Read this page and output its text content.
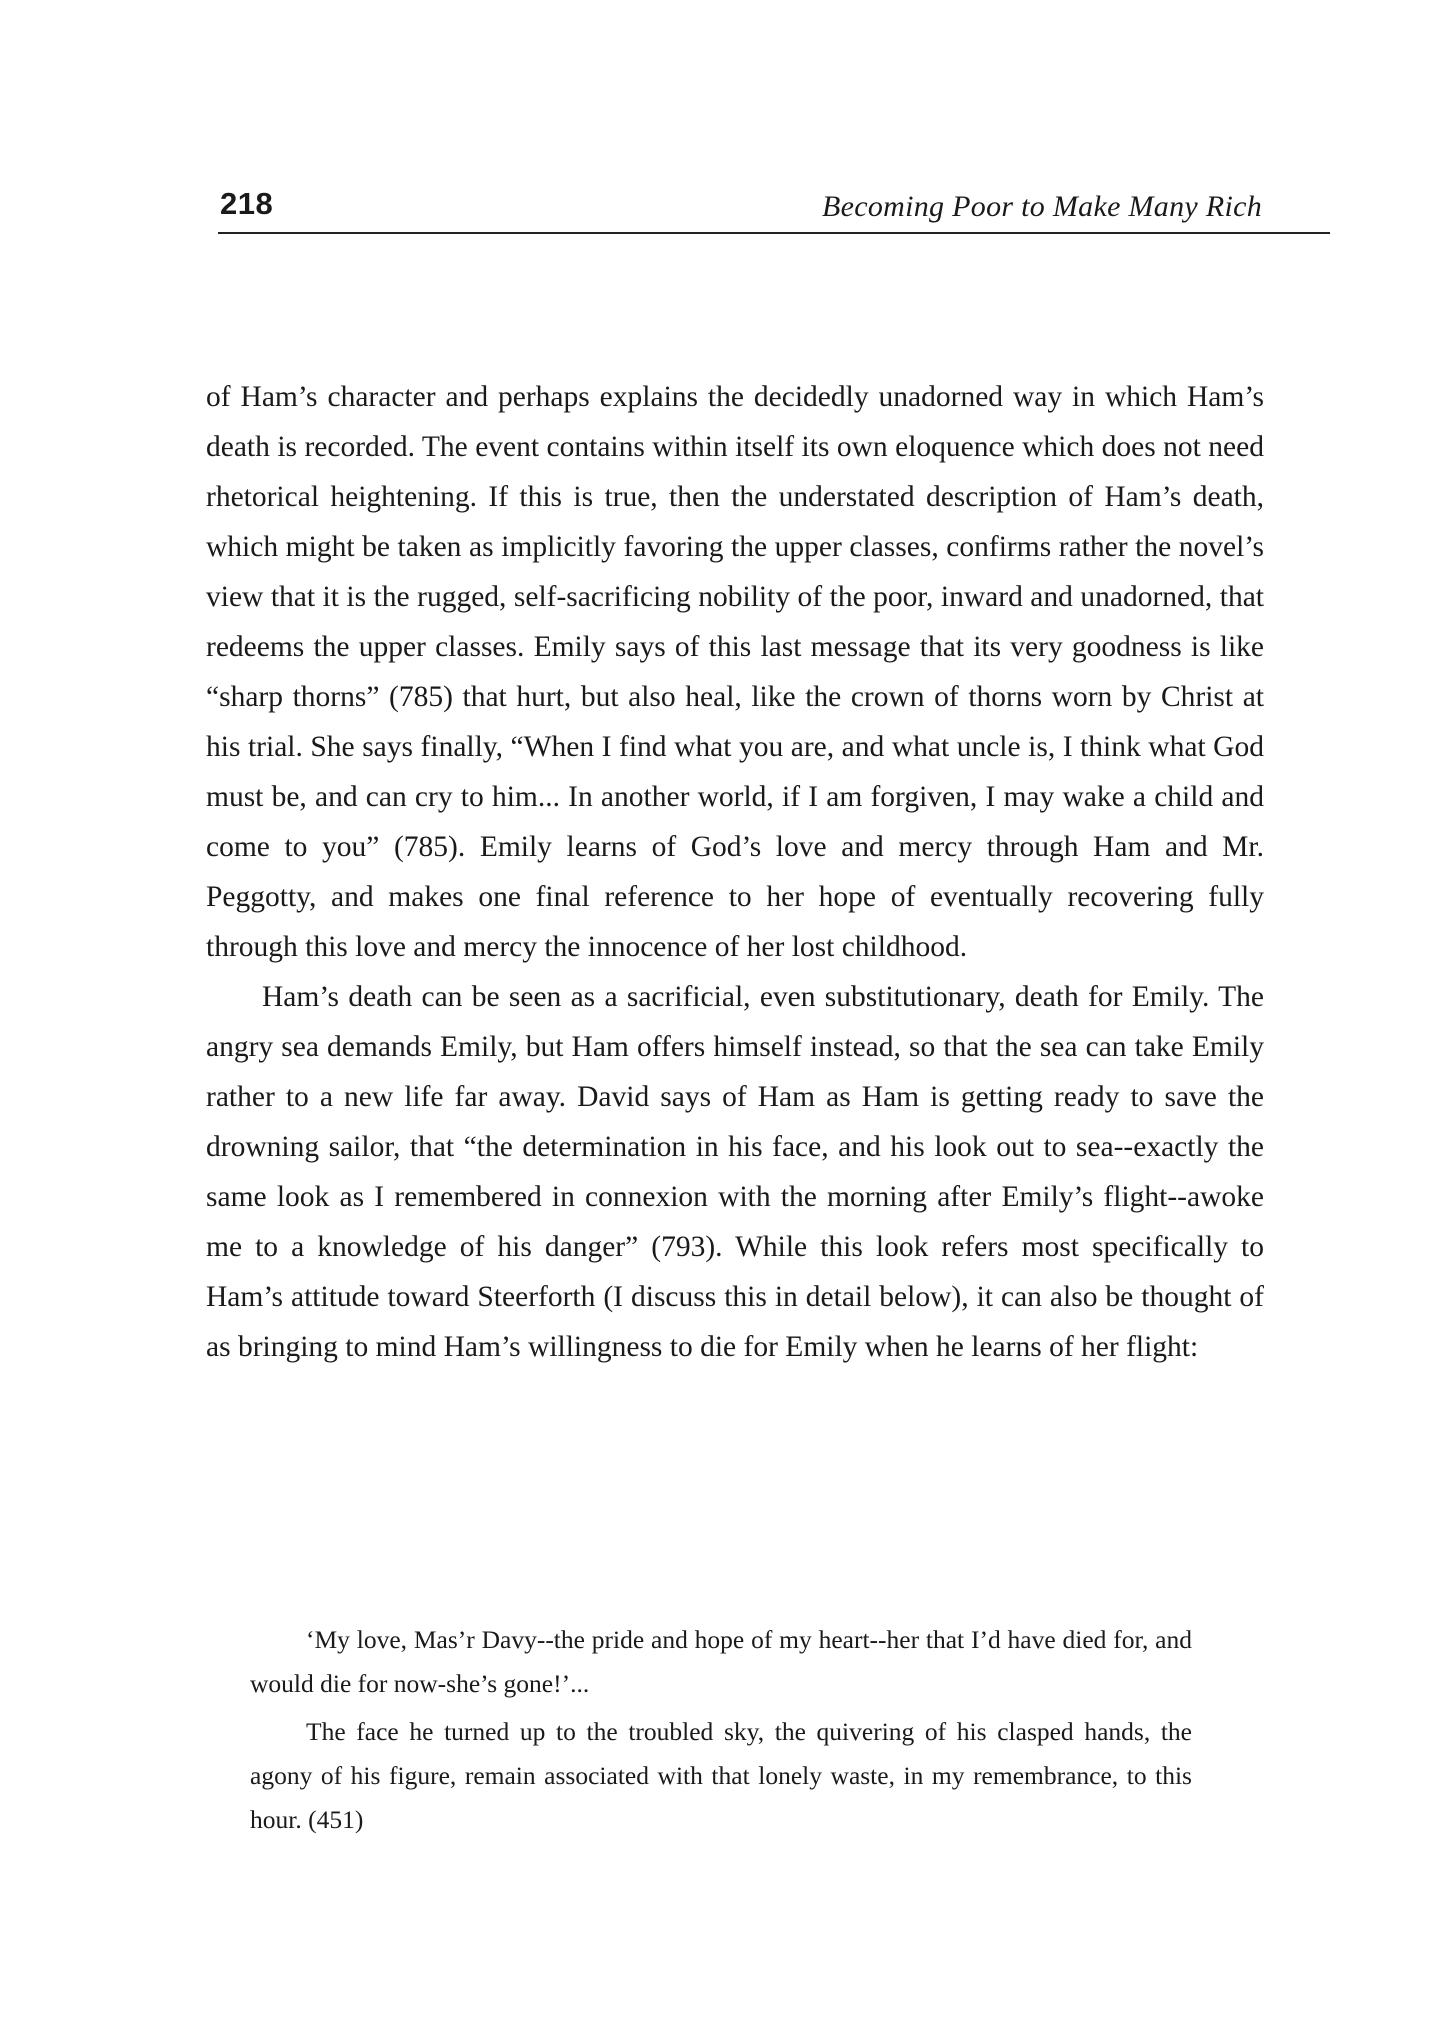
218	Becoming Poor to Make Many Rich

of Ham’s character and perhaps explains the decidedly unadorned way in which Ham’s death is recorded. The event contains within itself its own eloquence which does not need rhetorical heightening. If this is true, then the understated description of Ham’s death, which might be taken as implicitly favoring the upper classes, confirms rather the novel’s view that it is the rugged, self-sacrificing nobility of the poor, inward and unadorned, that redeems the upper classes. Emily says of this last message that its very goodness is like “sharp thorns” (785) that hurt, but also heal, like the crown of thorns worn by Christ at his trial. She says finally, “When I find what you are, and what uncle is, I think what God must be, and can cry to him... In another world, if I am forgiven, I may wake a child and come to you” (785). Emily learns of God’s love and mercy through Ham and Mr. Peggotty, and makes one final reference to her hope of eventually recovering fully through this love and mercy the innocence of her lost childhood.

Ham’s death can be seen as a sacrificial, even substitutionary, death for Emily. The angry sea demands Emily, but Ham offers himself instead, so that the sea can take Emily rather to a new life far away. David says of Ham as Ham is getting ready to save the drowning sailor, that “the determination in his face, and his look out to sea--exactly the same look as I remembered in connexion with the morning after Emily’s flight--awoke me to a knowledge of his danger” (793). While this look refers most specifically to Ham’s attitude toward Steerforth (I discuss this in detail below), it can also be thought of as bringing to mind Ham’s willingness to die for Emily when he learns of her flight:

‘My love, Mas’r Davy--the pride and hope of my heart--her that I’d have died for, and would die for now-she’s gone!’...

The face he turned up to the troubled sky, the quivering of his clasped hands, the agony of his figure, remain associated with that lonely waste, in my remembrance, to this hour. (451)
